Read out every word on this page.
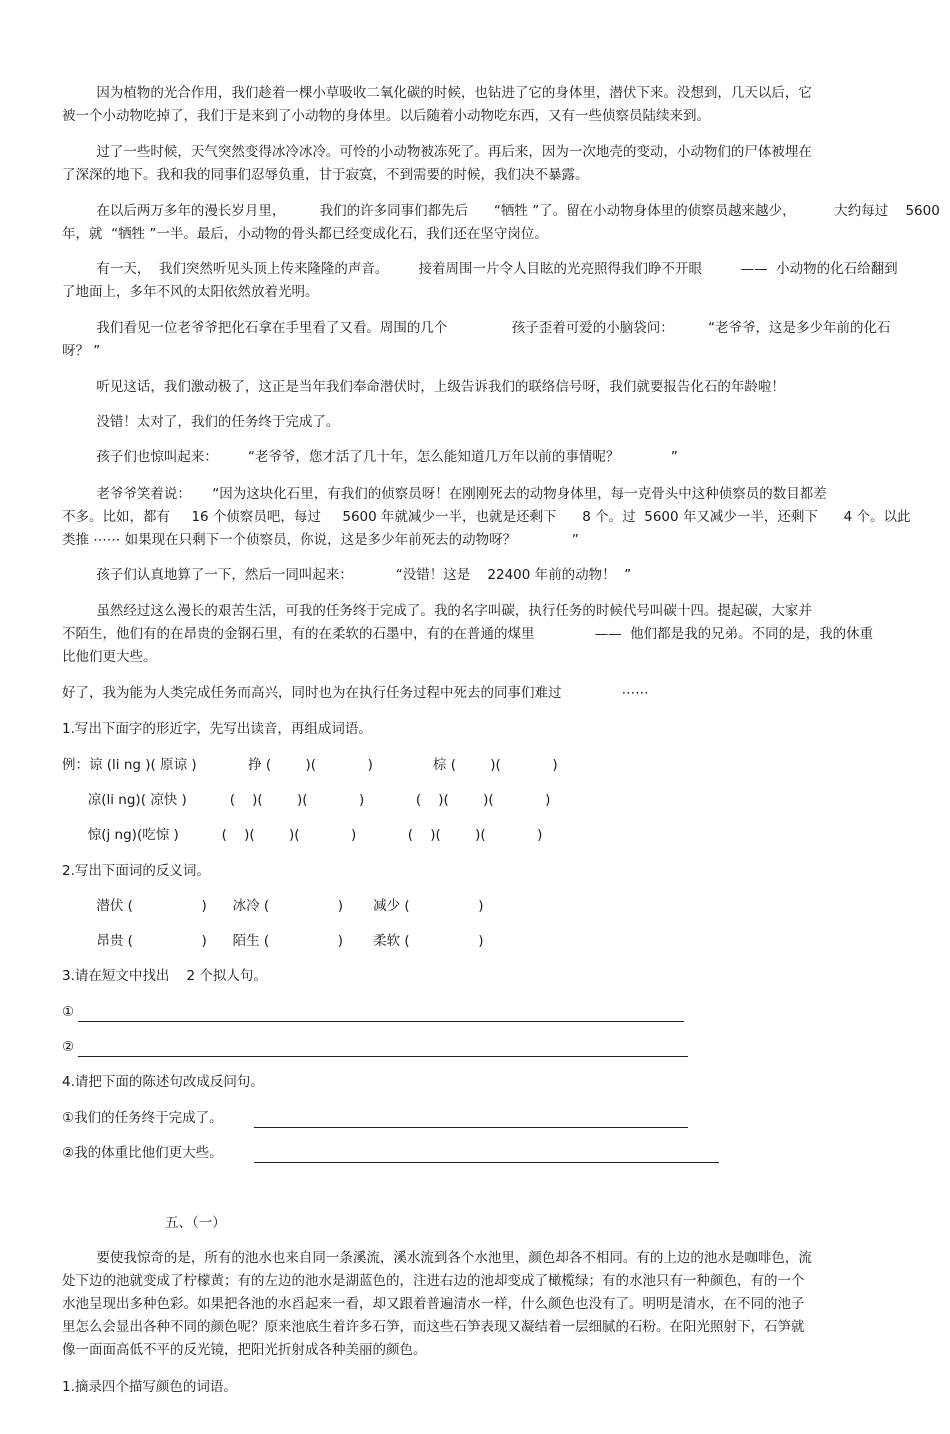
因为植物的光合作用，我们趁着一棵小草吸收二氧化碳的时候，也钻进了它的身体里，潜伏下来。没想到，几天以后，它
被一个小动物吃掉了，我们于是来到了小动物的身体里。以后随着小动物吃东西，又有一些侦察员陆续来到。
过了一些时候，天气突然变得冰冷冰冷。可怜的小动物被冻死了。再后来，因为一次地壳的变动，小动物们的尸体被埋在
了深深的地下。我和我的同事们忍辱负重，甘于寂寞，不到需要的时候，我们决不暴露。
在以后两万多年的漫长岁月里，        我们的许多同事们都先后      “牺牲 ”了。留在小动物身体里的侦察员越来越少，         大约每过    5600
年，就  “牺牲 ”一半。最后，小动物的骨头都已经变成化石，我们还在坚守岗位。
有一天，  我们突然听见头顶上传来隆隆的声音。       接着周围一片令人目眩的光亮照得我们睁不开眼         ——  小动物的化石给翻到
了地面上，多年不风的太阳依然放着光明。
我们看见一位老爷爷把化石拿在手里看了又看。周围的几个               孩子歪着可爱的小脑袋问：        “老爷爷，这是多少年前的化石
呀？ ”
听见这话，我们激动极了，这正是当年我们奉命潜伏时，上级告诉我们的联络信号呀，我们就要报告化石的年龄啦！
没错！太对了，我们的任务终于完成了。
孩子们也惊叫起来：       “老爷爷，您才活了几十年，怎么能知道几万年以前的事情呢？            ”
老爷爷笑着说：     “因为这块化石里，有我们的侦察员呀！在刚刚死去的动物身体里，每一克骨头中这种侦察员的数目都差
不多。比如，都有     16 个侦察员吧，每过     5600 年就减少一半，也就是还剩下      8 个。过  5600 年又减少一半，还剩下      4 个。以此
类推 ⋯⋯ 如果现在只剩下一个侦察员，你说，这是多少年前死去的动物呀？             ”
孩子们认真地算了一下，然后一同叫起来：          “没错！这是    22400 年前的动物！  ”
虽然经过这么漫长的艰苦生活，可我的任务终于完成了。我的名字叫碳，执行任务的时候代号叫碳十四。提起碳，大家并
不陌生，他们有的在昂贵的金钢石里，有的在柔软的石墨中，有的在普通的煤里              ——  他们都是我的兄弟。不同的是，我的休重
比他们更大些。
好了，我为能为人类完成任务而高兴，同时也为在执行任务过程中死去的同事们难过              ⋯⋯
1.写出下面字的形近字，先写出读音，再组成词语。
例：谅 (li ng )( 原谅 )            挣 (        )(            )              棕 (        )(            )
凉(li ng)( 凉快 )          (    )(        )(            )            (    )(        )(            )
惊(j ng)(吃惊 )          (    )(        )(            )            (    )(        )(            )
2.写出下面词的反义词。
潜伏 (                )      冰冷 (                )       减少 (                )
昂贵 (                )      陌生 (                )       柔软 (                )
3.请在短文中找出    2 个拟人句。
①
②
4.请把下面的陈述句改成反问句。
①我们的任务终于完成了。
②我的体重比他们更大些。
五、（一）
要使我惊奇的是，所有的池水也来自同一条溪流，溪水流到各个水池里，颜色却各不相同。有的上边的池水是咖啡色，流
处下边的池就变成了柠檬黄；有的左边的池水是湖蓝色的，注进右边的池却变成了橄榄绿；有的水池只有一种颜色，有的一个
水池呈现出多种色彩。如果把各池的水舀起来一看，却又跟着普遍清水一样，什么颜色也没有了。明明是清水，在不同的池子
里怎么会显出各种不同的颜色呢？原来池底生着许多石笋，而这些石笋表现又凝结着一层细腻的石粉。在阳光照射下，石笋就
像一面面高低不平的反光镜，把阳光折射成各种美丽的颜色。
1.摘录四个描写颜色的词语。
